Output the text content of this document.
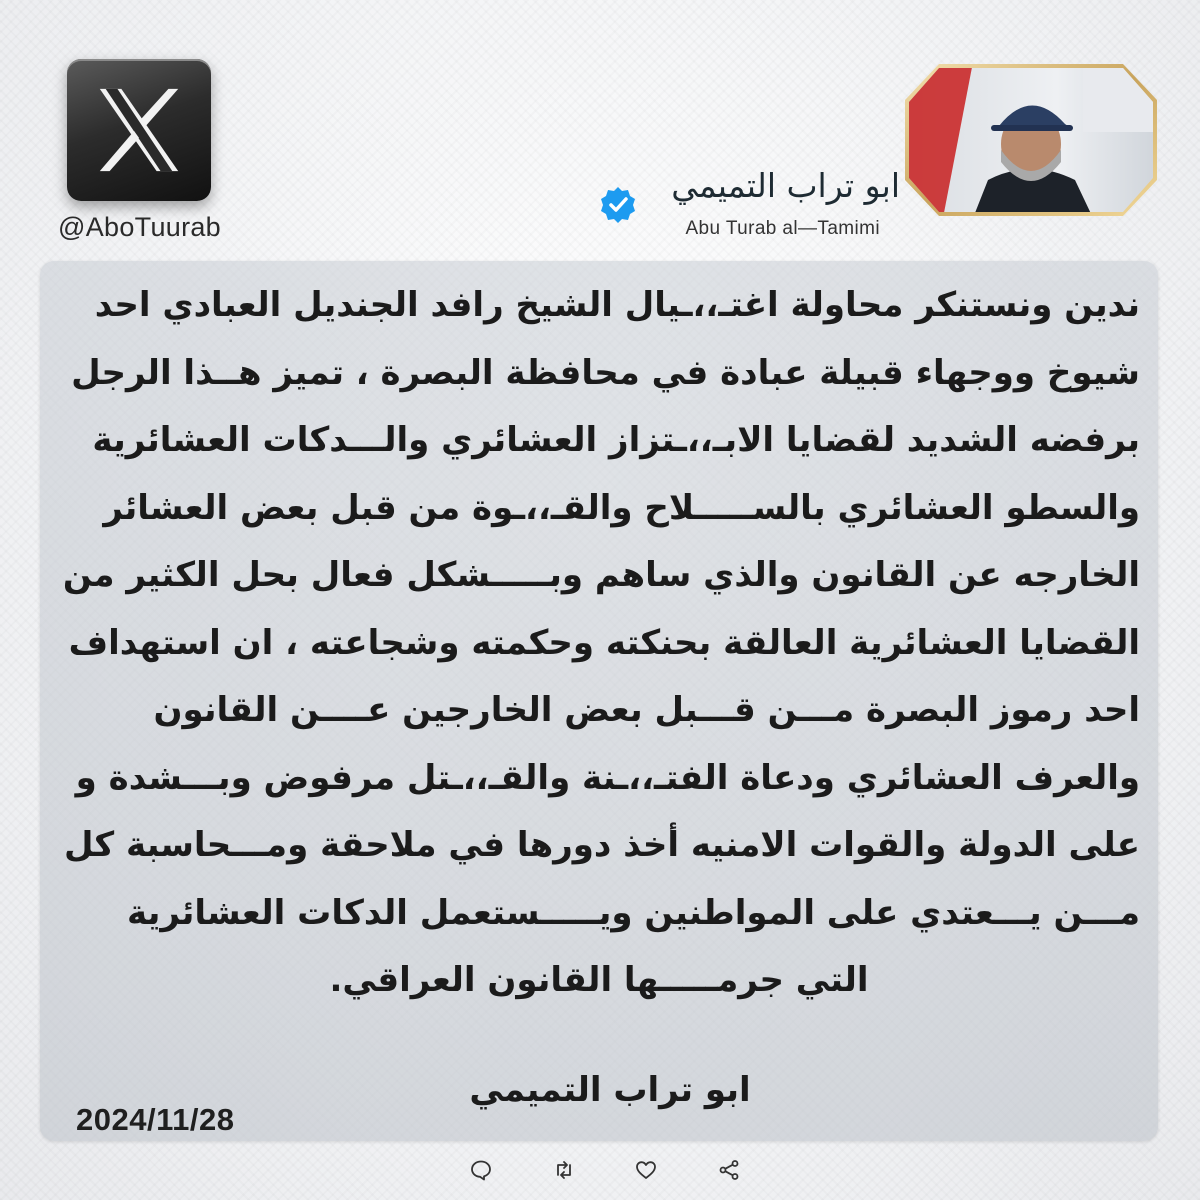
@AboTuurab
ابو تراب التميمي
Abu Turab al—Tamimi
ندين ونستنكر محاولة اغتـ،،ـيال الشيخ رافد الجنديل العبادي احد
شيوخ ووجهاء قبيلة عبادة في محافظة البصرة ، تميز هــذا الرجل
برفضه الشديد لقضايا الابـ،،ـتزاز العشائري والـــدكات العشائرية
والسطو العشائري بالســـــلاح والقـ،،ـوة من قبل بعض العشائر
الخارجه عن القانون والذي ساهم وبـــــشكل فعال بحل الكثير من
القضايا العشائرية العالقة بحنكته وحكمته وشجاعته ، ان استهداف
احد رموز البصرة مـــن قـــبل بعض الخارجين عــــن القانون
والعرف العشائري ودعاة الفتـ،،ـنة والقـ،،ـتل مرفوض وبـــشدة و
على الدولة والقوات الامنيه أخذ دورها في ملاحقة ومـــحاسبة كل
مـــن يـــعتدي على المواطنين ويـــــستعمل الدكات العشائرية
التي جرمـــــها القانون العراقي.
ابو تراب التميمي
2024/11/28
